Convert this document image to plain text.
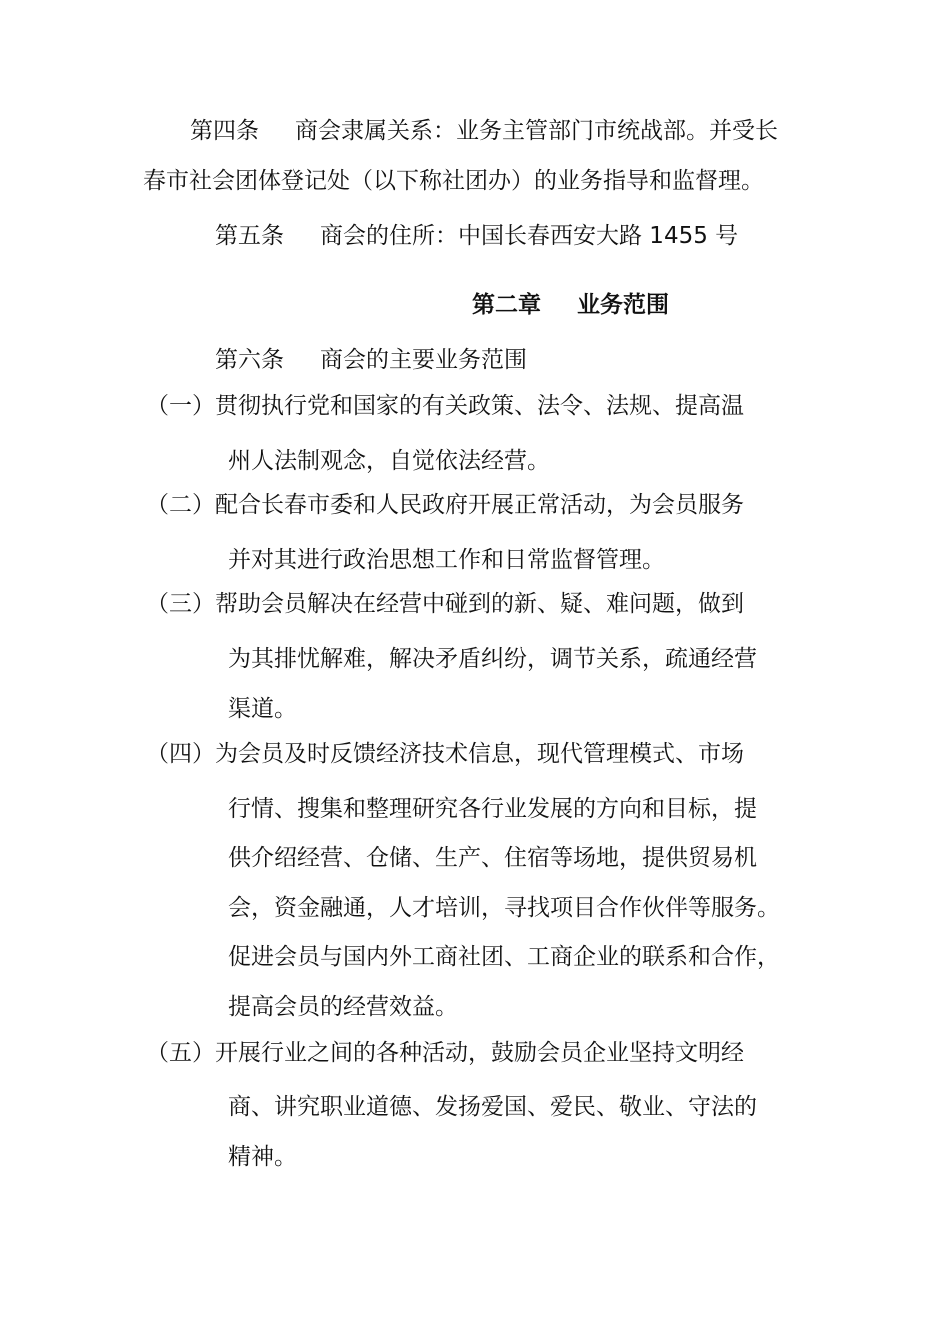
第四条 商会隶属关系：业务主管部门市统战部。并受长
春市社会团体登记处（以下称社团办）的业务指导和监督理。
第五条 商会的住所：中国长春西安大路 1455 号
第二章 业务范围
第六条 商会的主要业务范围
（一）贯彻执行党和国家的有关政策、法令、法规、提高温
州人法制观念，自觉依法经营。
（二）配合长春市委和人民政府开展正常活动，为会员服务
并对其进行政治思想工作和日常监督管理。
（三）帮助会员解决在经营中碰到的新、疑、难问题，做到
为其排忧解难，解决矛盾纠纷，调节关系，疏通经营
渠道。
（四）为会员及时反馈经济技术信息，现代管理模式、市场
行情、搜集和整理研究各行业发展的方向和目标，提
供介绍经营、仓储、生产、住宿等场地，提供贸易机
会，资金融通，人才培训，寻找项目合作伙伴等服务。
促进会员与国内外工商社团、工商企业的联系和合作，
提高会员的经营效益。
（五）开展行业之间的各种活动，鼓励会员企业坚持文明经
商、讲究职业道德、发扬爱国、爱民、敬业、守法的
精神。
